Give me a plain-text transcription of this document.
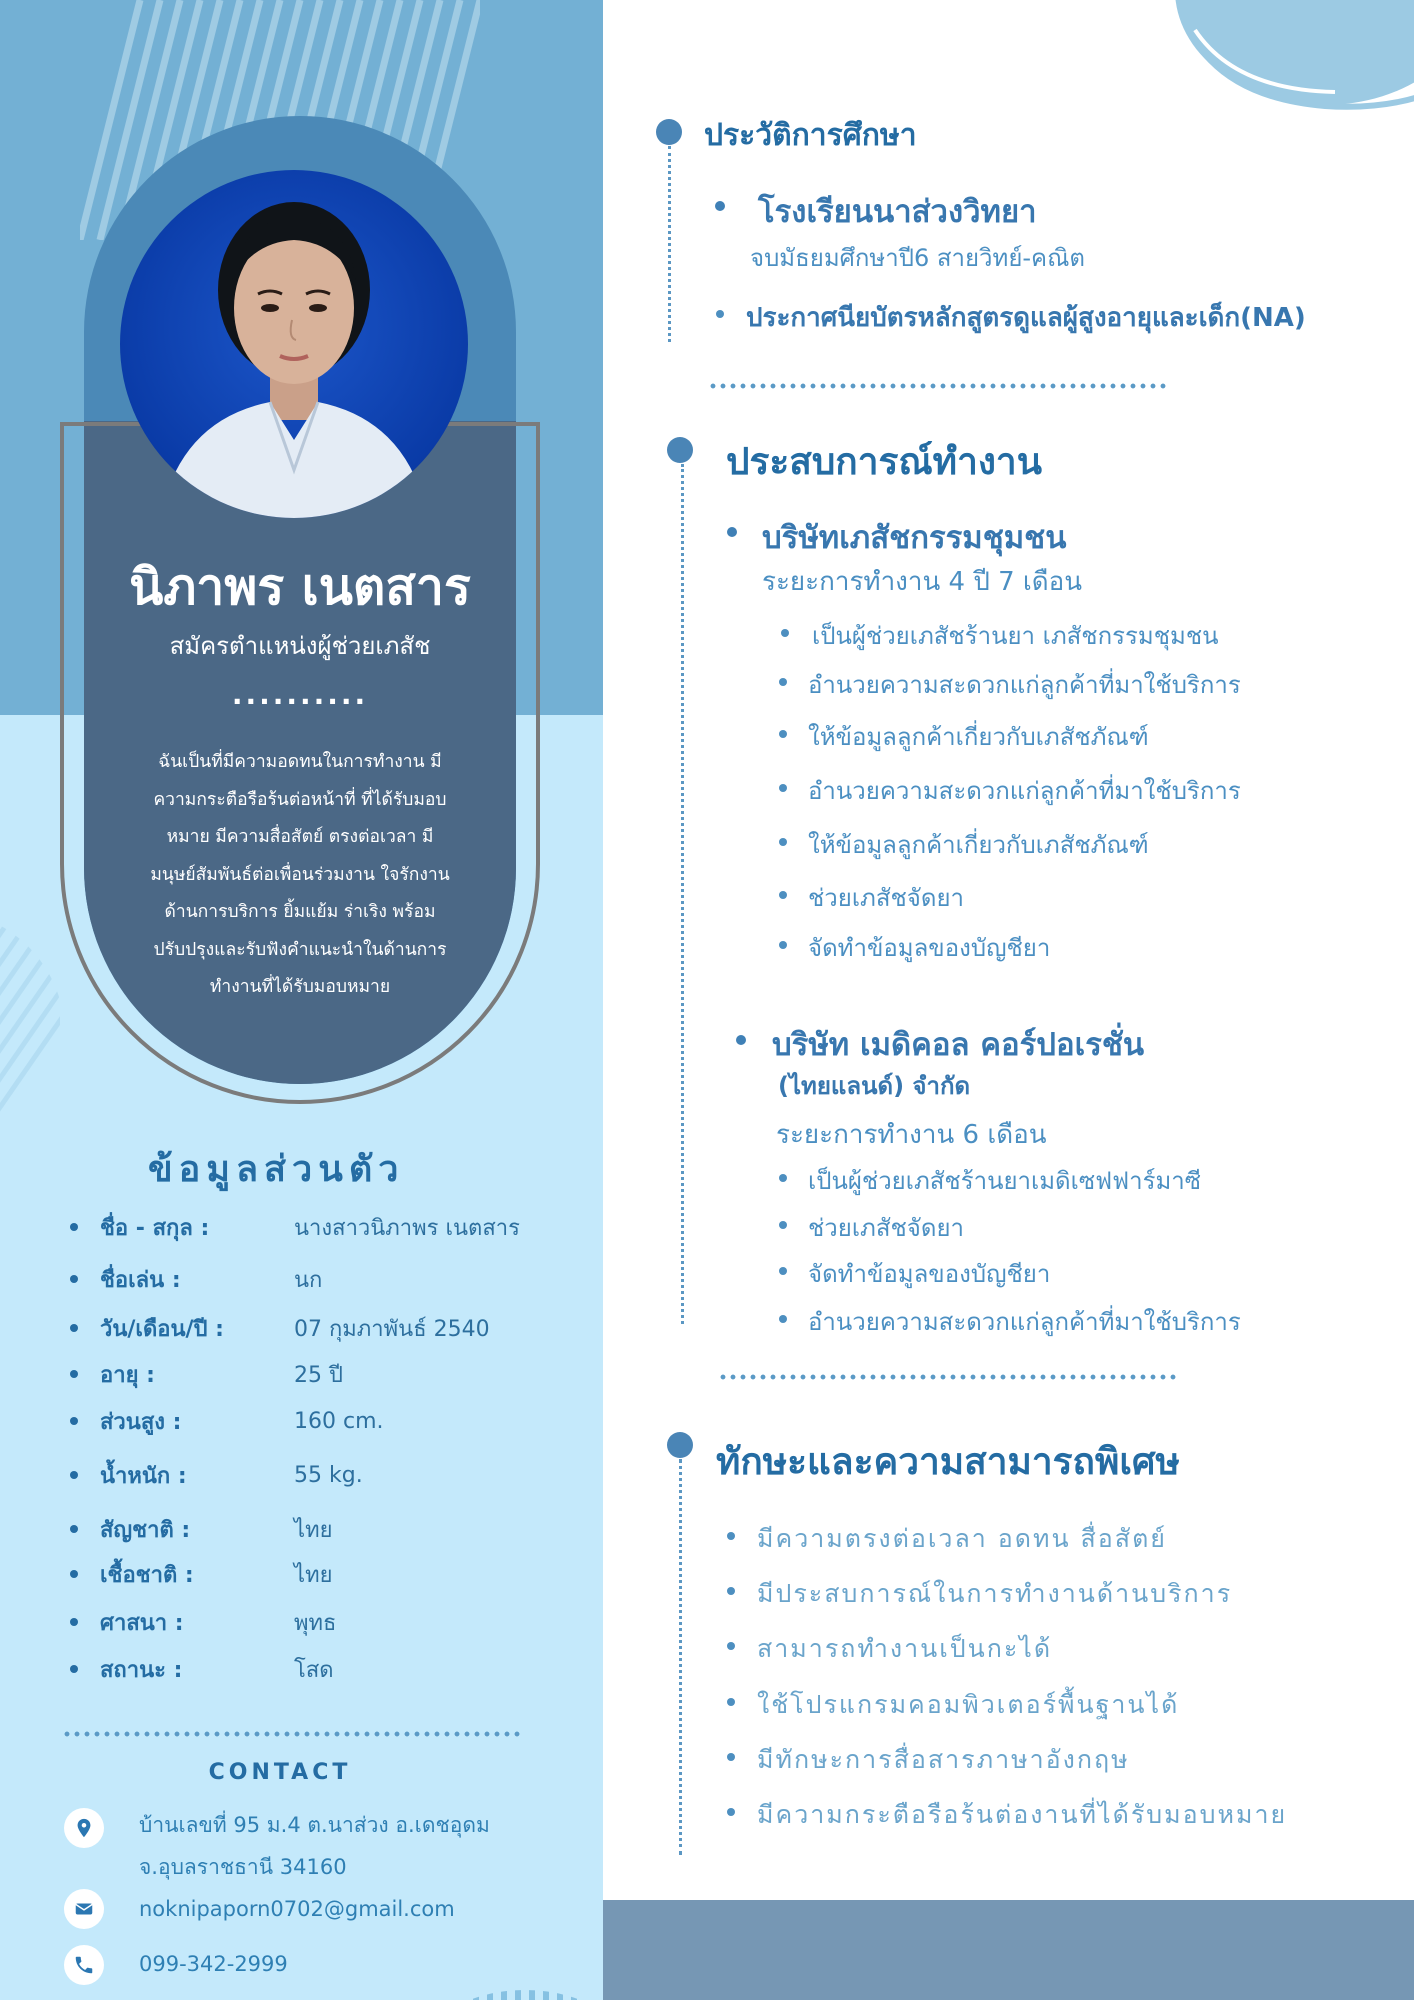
นิภาพร เนตสาร
สมัครตำแหน่งผู้ช่วยเภสัช
..........
ฉันเป็นที่มีความอดทนในการทำงาน มี
ความกระตือรือร้นต่อหน้าที่ ที่ได้รับมอบ
หมาย มีความสื่อสัตย์ ตรงต่อเวลา มี
มนุษย์สัมพันธ์ต่อเพื่อนร่วมงาน ใจรักงาน
ด้านการบริการ ยิ้มแย้ม ร่าเริง พร้อม
ปรับปรุงและรับฟังคำแนะนำในด้านการ
ทำงานที่ได้รับมอบหมาย
ข้อมูลส่วนตัว
ชื่อ - สกุล :	นางสาวนิภาพร เนตสาร
ชื่อเล่น :	นก
วัน/เดือน/ปี :	07 กุมภาพันธ์ 2540
อายุ :	25 ปี
ส่วนสูง :	160 cm.
น้ำหนัก :	55 kg.
สัญชาติ :	ไทย
เชื้อชาติ :	ไทย
ศาสนา :	พุทธ
สถานะ :	โสด
CONTACT
บ้านเลขที่ 95 ม.4 ต.นาส่วง อ.เดชอุดม
จ.อุบลราชธานี 34160
noknipaporn0702@gmail.com
099-342-2999
ประวัติการศึกษา
โรงเรียนนาส่วงวิทยา
จบมัธยมศึกษาปี6 สายวิทย์-คณิต
ประกาศนียบัตรหลักสูตรดูแลผู้สูงอายุและเด็ก(NA)
ประสบการณ์ทำงาน
บริษัทเภสัชกรรมชุมชน
ระยะการทำงาน 4 ปี 7 เดือน
เป็นผู้ช่วยเภสัชร้านยา เภสัชกรรมชุมชน
อำนวยความสะดวกแก่ลูกค้าที่มาใช้บริการ
ให้ข้อมูลลูกค้าเกี่ยวกับเภสัชภัณฑ์
อำนวยความสะดวกแก่ลูกค้าที่มาใช้บริการ
ให้ข้อมูลลูกค้าเกี่ยวกับเภสัชภัณฑ์
ช่วยเภสัชจัดยา
จัดทำข้อมูลของบัญชียา
บริษัท เมดิคอล คอร์ปอเรชั่น
(ไทยแลนด์) จำกัด
ระยะการทำงาน 6 เดือน
เป็นผู้ช่วยเภสัชร้านยาเมดิเซฟฟาร์มาซี
ช่วยเภสัชจัดยา
จัดทำข้อมูลของบัญชียา
อำนวยความสะดวกแก่ลูกค้าที่มาใช้บริการ
ทักษะและความสามารถพิเศษ
มีความตรงต่อเวลา อดทน สื่อสัตย์
มีประสบการณ์ในการทำงานด้านบริการ
สามารถทำงานเป็นกะได้
ใช้โปรแกรมคอมพิวเตอร์พื้นฐานได้
มีทักษะการสื่อสารภาษาอังกฤษ
มีความกระตือรือร้นต่องานที่ได้รับมอบหมาย
